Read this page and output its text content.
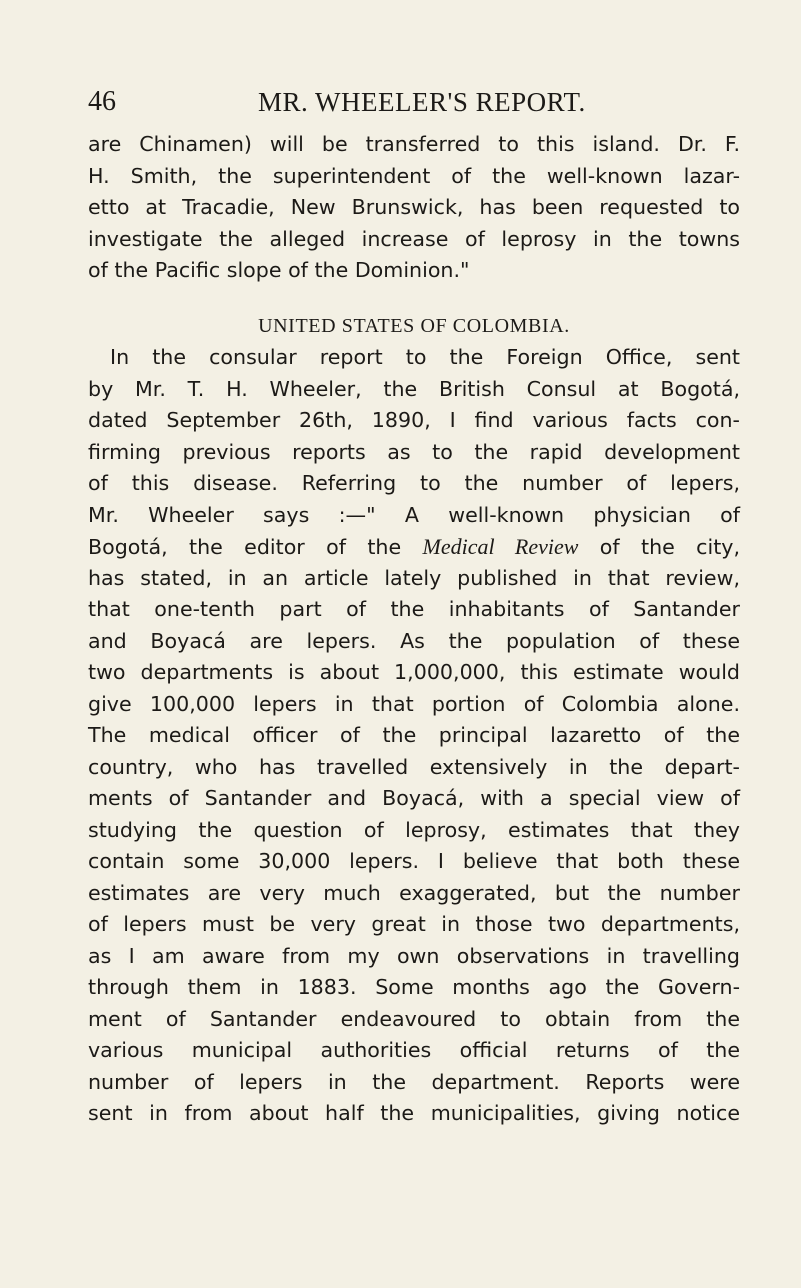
46	MR. WHEELER'S REPORT.
are Chinamen) will be transferred to this island. Dr. F.
H. Smith, the superintendent of the well-known lazar-
etto at Tracadie, New Brunswick, has been requested to
investigate the alleged increase of leprosy in the towns
of the Pacific slope of the Dominion."
UNITED STATES OF COLOMBIA.
In the consular report to the Foreign Office, sent
by Mr. T. H. Wheeler, the British Consul at Bogotá,
dated September 26th, 1890, I find various facts con-
firming previous reports as to the rapid development
of this disease. Referring to the number of lepers,
Mr. Wheeler says :—" A well-known physician of
Bogotá, the editor of the Medical Review of the city,
has stated, in an article lately published in that review,
that one-tenth part of the inhabitants of Santander
and Boyacá are lepers. As the population of these
two departments is about 1,000,000, this estimate would
give 100,000 lepers in that portion of Colombia alone.
The medical officer of the principal lazaretto of the
country, who has travelled extensively in the depart-
ments of Santander and Boyacá, with a special view of
studying the question of leprosy, estimates that they
contain some 30,000 lepers. I believe that both these
estimates are very much exaggerated, but the number
of lepers must be very great in those two departments,
as I am aware from my own observations in travelling
through them in 1883. Some months ago the Govern-
ment of Santander endeavoured to obtain from the
various municipal authorities official returns of the
number of lepers in the department. Reports were
sent in from about half the municipalities, giving notice
